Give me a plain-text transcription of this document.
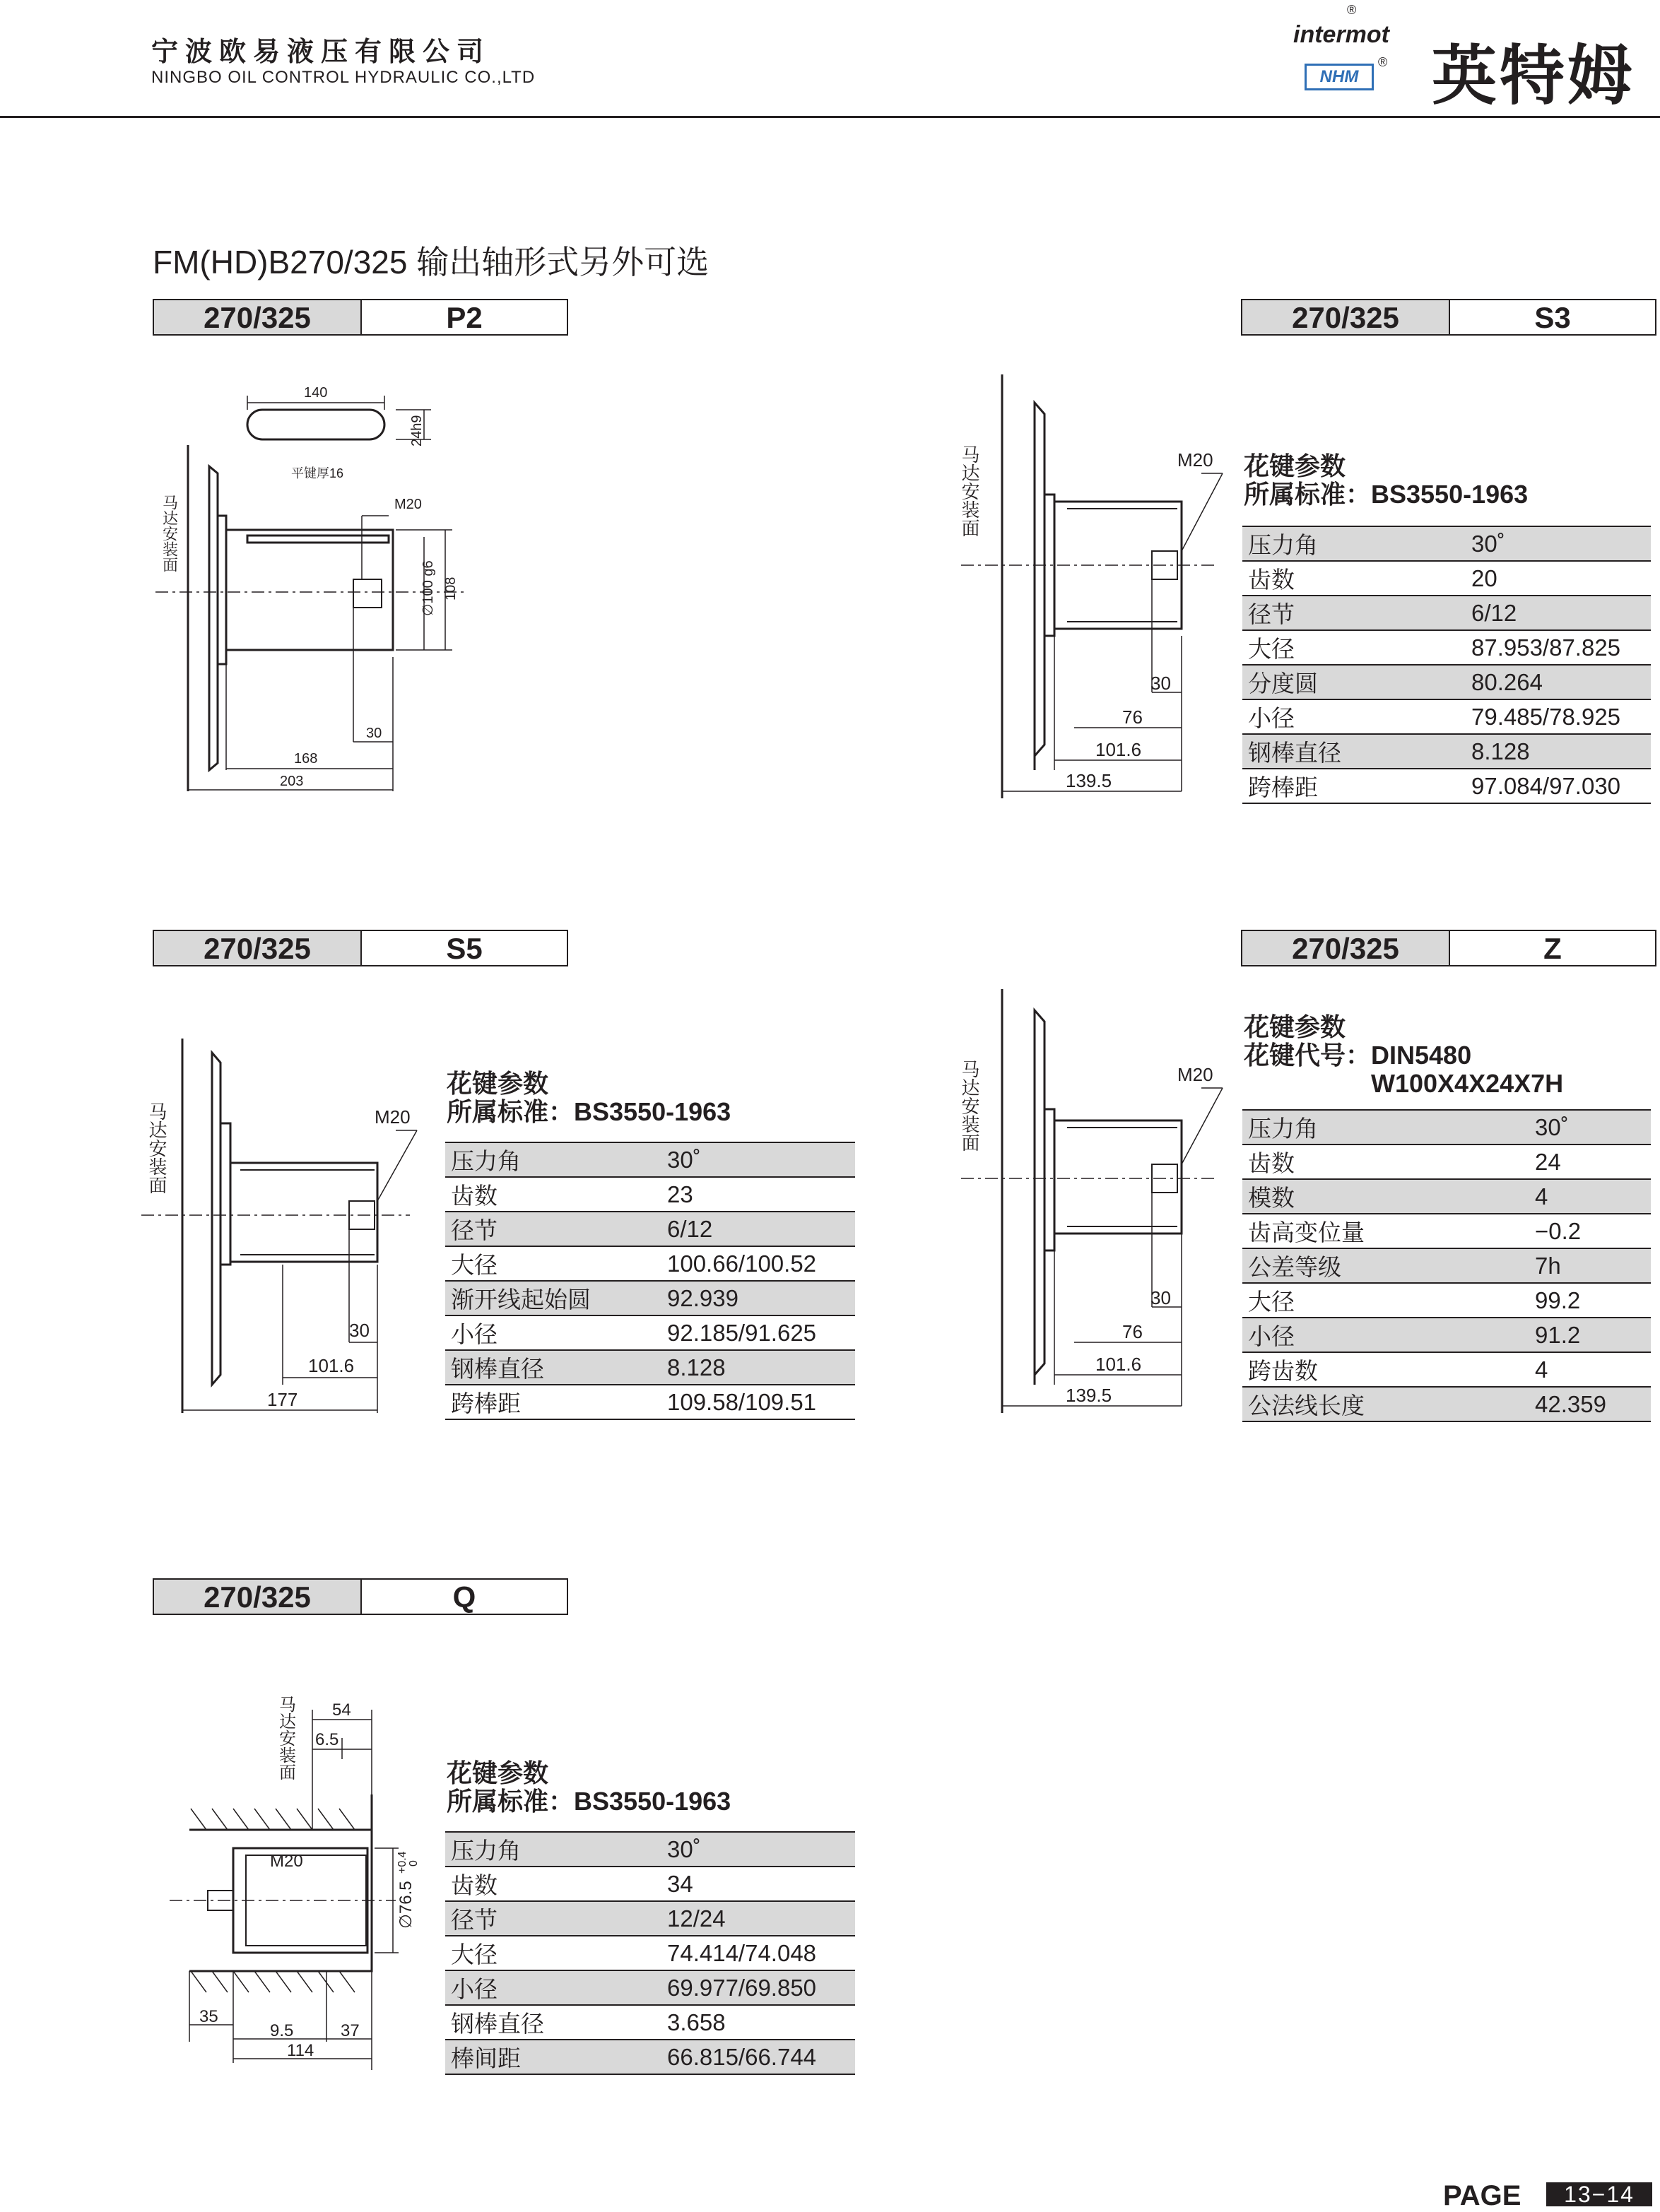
宁波欧易液压有限公司
NINGBO OIL CONTROL HYDRAULIC CO.,LTD
intermot
®
NHM
® 英特姆
FM(HD)B270/325 输出轴形式另外可选
270/325	P2
140
24h9
平键厚16
M20
∅100 g6 108
30
168
203
马达安装面
270/325	S3
M20
30
76
101.6
139.5
马达安装面	花键参数
所属标准：BS3550-1963
压力角	30˚
齿数	20
径节	6/12
大径	87.953/87.825
分度圆	80.264
小径	79.485/78.925
钢棒直径	8.128
跨棒距	97.084/97.030
270/325	S5
M20
30
101.6
177
马达安装面
花键参数
所属标准：BS3550-1963
压力角	30˚
齿数	23
径节	6/12
大径	100.66/100.52
渐开线起始圆	92.939
小径	92.185/91.625
钢棒直径	8.128
跨棒距	109.58/109.51
270/325	Z
M20
30
76
101.6
139.5
马达安装面
花键参数
花键代号：DIN5480
W100X4X24X7H
压力角	30˚
齿数	24
模数	4
齿高变位量	−0.2
公差等级	7h
大径	99.2
小径	91.2
跨齿数	4
公法线长度	42.359
270/325	Q
54
6.5
M20
∅76.5
+0.4 0
35
9.5	37
114
马达安装面	花键参数
所属标准：BS3550-1963
压力角	30˚
齿数	34
径节	12/24
大径	74.414/74.048
小径	69.977/69.850
钢棒直径	3.658
棒间距	66.815/66.744
PAGE	13−14
